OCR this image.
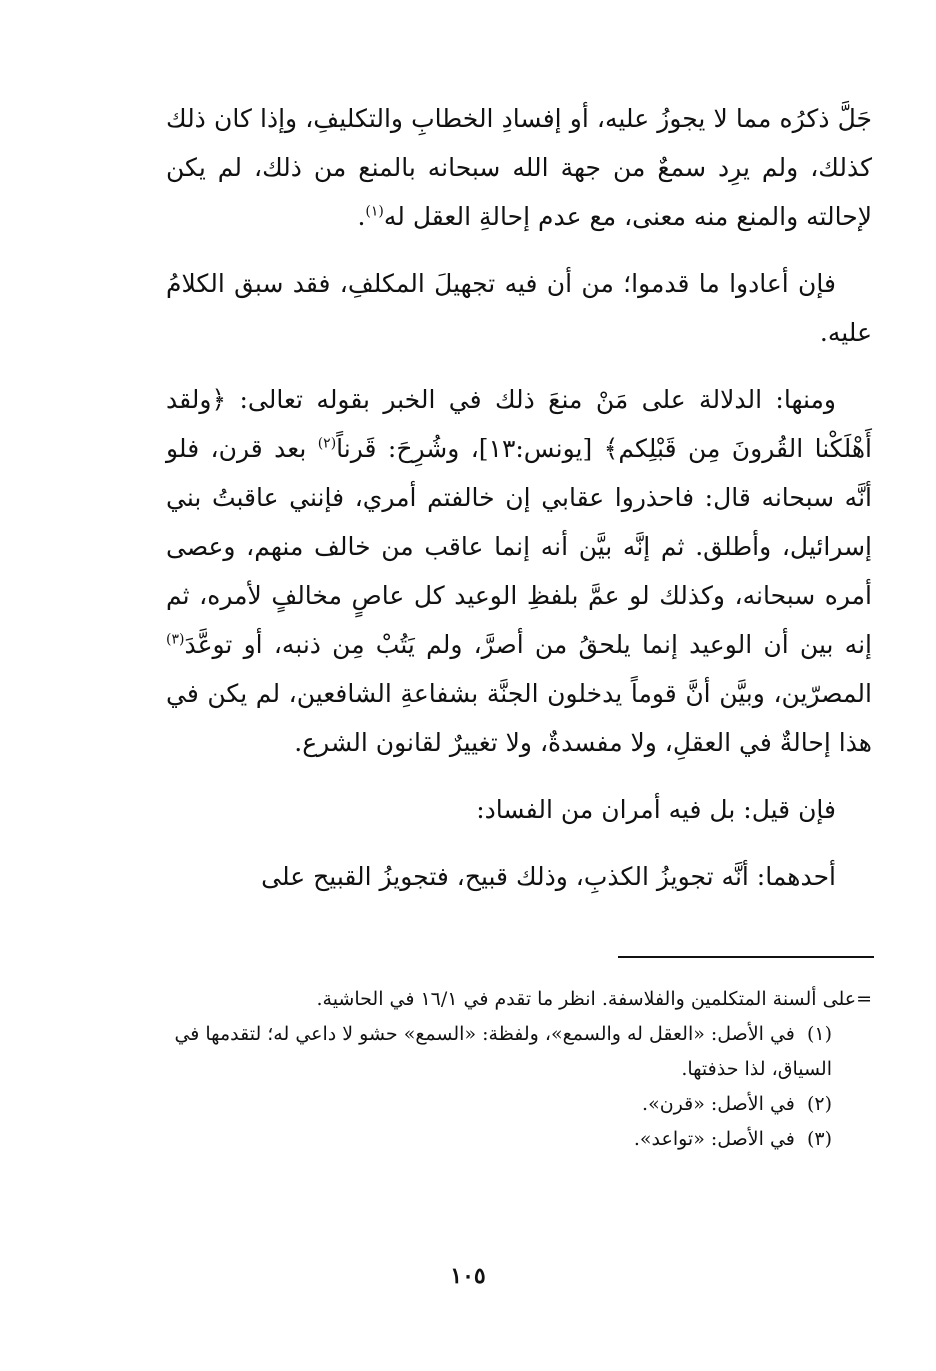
جَلَّ ذكرُه مما لا يجوزُ عليه، أو إفسادِ الخطابِ والتكليفِ، وإذا كان ذلك كذلك، ولم يرِد سمعٌ من جهة الله سبحانه بالمنع من ذلك، لم يكن لإحالته والمنع منه معنى، مع عدم إحالةِ العقل له$^{(١)}$.

فإن أعادوا ما قدموا؛ من أن فيه تجهيلَ المكلفِ، فقد سبق الكلامُ عليه.

ومنها: الدلالة على مَنْ منعَ ذلك في الخبر بقوله تعالى: ﴿ولقد أَهْلَكْنا القُرونَ مِن قَبْلِكم﴾ [يونس:١٣]، وشُرِحَ: قَرناً$^{(٢)}$ بعد قرن، فلو أنَّه سبحانه قال: فاحذروا عقابي إن خالفتم أمري، فإنني عاقبتُ بني إسرائيل، وأطلق. ثم إنَّه بيَّن أنه إنما عاقب من خالف منهم، وعصى أمره سبحانه، وكذلك لو عمَّ بلفظِ الوعيد كل عاصٍ مخالفٍ لأمره، ثم إنه بين أن الوعيد إنما يلحقُ من أصرَّ، ولم يَتُبْ مِن ذنبه، أو توعَّدَ$^{(٣)}$ المصرّين، وبيَّن أنَّ قوماً يدخلون الجنَّة بشفاعةِ الشافعين، لم يكن في هذا إحالةٌ في العقلِ، ولا مفسدةٌ، ولا تغييرٌ لقانون الشرع.

فإن قيل: بل فيه أمران من الفساد:

أحدهما: أنَّه تجويزُ الكذبِ، وذلك قبيح، فتجويزُ القبيح على

=على ألسنة المتكلمين والفلاسفة. انظر ما تقدم في ١٦/١ في الحاشية.

(١) في الأصل: «العقل له والسمع»، ولفظة: «السمع» حشو لا داعي له؛ لتقدمها في السياق، لذا حذفتها.

(٢) في الأصل: «قرن».

(٣) في الأصل: «تواعد».

١٠٥
